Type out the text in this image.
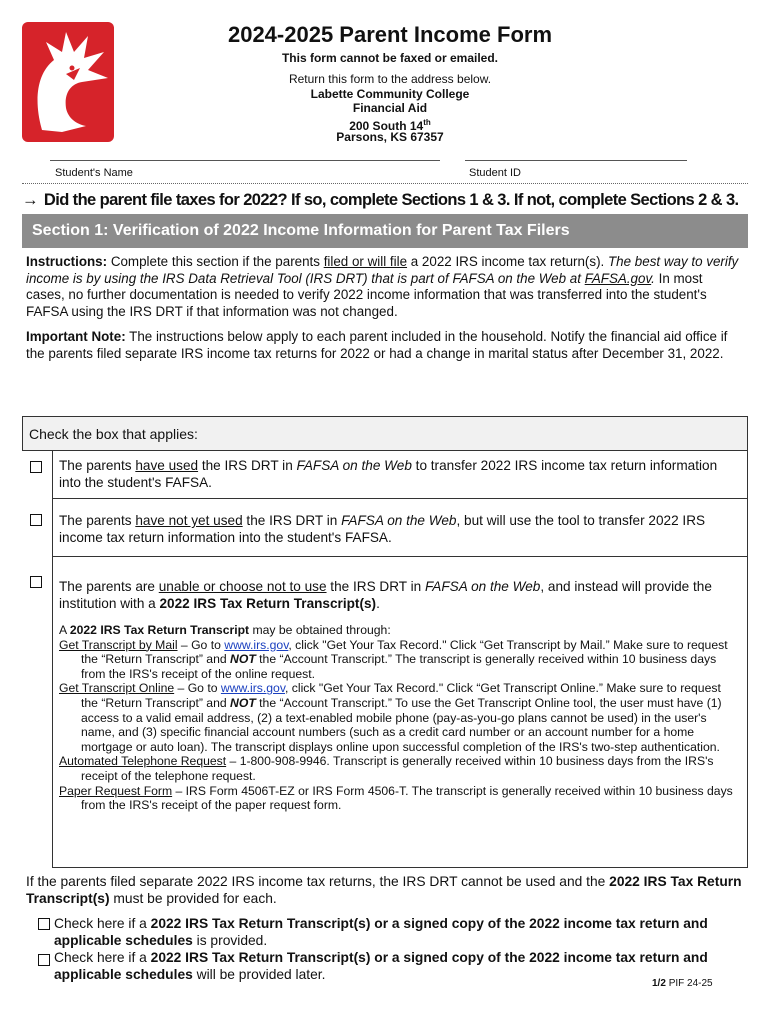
2024-2025 Parent Income Form
This form cannot be faxed or emailed.
Return this form to the address below.
Labette Community College
Financial Aid
200 South 14th
Parsons, KS 67357
Student's Name	Student ID
→ Did the parent file taxes for 2022? If so, complete Sections 1 & 3. If not, complete Sections 2 & 3.
Section 1: Verification of 2022 Income Information for Parent Tax Filers
Instructions: Complete this section if the parents filed or will file a 2022 IRS income tax return(s). The best way to verify income is by using the IRS Data Retrieval Tool (IRS DRT) that is part of FAFSA on the Web at FAFSA.gov. In most cases, no further documentation is needed to verify 2022 income information that was transferred into the student's FAFSA using the IRS DRT if that information was not changed.
Important Note: The instructions below apply to each parent included in the household. Notify the financial aid office if the parents filed separate IRS income tax returns for 2022 or had a change in marital status after December 31, 2022.
Check the box that applies:
The parents have used the IRS DRT in FAFSA on the Web to transfer 2022 IRS income tax return information into the student's FAFSA.
The parents have not yet used the IRS DRT in FAFSA on the Web, but will use the tool to transfer 2022 IRS income tax return information into the student's FAFSA.
The parents are unable or choose not to use the IRS DRT in FAFSA on the Web, and instead will provide the institution with a 2022 IRS Tax Return Transcript(s).
A 2022 IRS Tax Return Transcript may be obtained through:
Get Transcript by Mail – Go to www.irs.gov, click "Get Your Tax Record." Click “Get Transcript by Mail.” Make sure to request the “Return Transcript” and NOT the “Account Transcript.” The transcript is generally received within 10 business days from the IRS's receipt of the online request.
Get Transcript Online – Go to www.irs.gov, click "Get Your Tax Record." Click “Get Transcript Online.” Make sure to request the “Return Transcript” and NOT the “Account Transcript.” To use the Get Transcript Online tool, the user must have (1) access to a valid email address, (2) a text-enabled mobile phone (pay-as-you-go plans cannot be used) in the user's name, and (3) specific financial account numbers (such as a credit card number or an account number for a home mortgage or auto loan). The transcript displays online upon successful completion of the IRS's two-step authentication.
Automated Telephone Request – 1-800-908-9946. Transcript is generally received within 10 business days from the IRS's receipt of the telephone request.
Paper Request Form – IRS Form 4506T-EZ or IRS Form 4506-T. The transcript is generally received within 10 business days from the IRS's receipt of the paper request form.
If the parents filed separate 2022 IRS income tax returns, the IRS DRT cannot be used and the 2022 IRS Tax Return Transcript(s) must be provided for each.
Check here if a 2022 IRS Tax Return Transcript(s) or a signed copy of the 2022 income tax return and applicable schedules is provided.
Check here if a 2022 IRS Tax Return Transcript(s) or a signed copy of the 2022 income tax return and applicable schedules will be provided later.
1/2 PIF 24-25
